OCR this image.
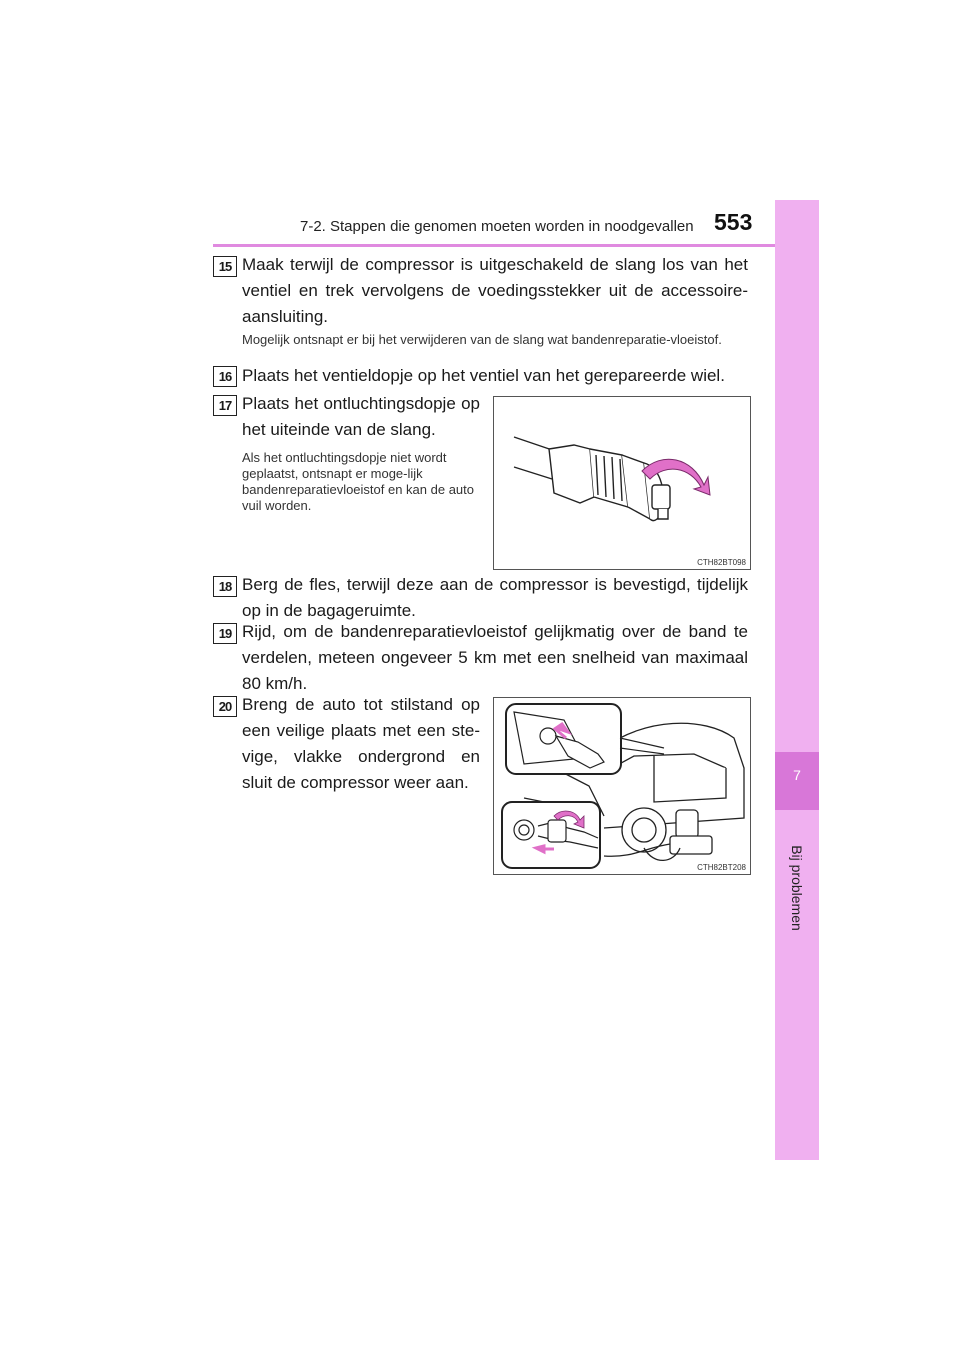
7-2. Stappen die genomen moeten worden in noodgevallen 553
7
Bij problemen
15 Maak terwijl de compressor is uitgeschakeld de slang los van het ventiel en trek vervolgens de voedingsstekker uit de accessoire-aansluiting.
Mogelijk ontsnapt er bij het verwijderen van de slang wat bandenreparatie-vloeistof.
16 Plaats het ventieldopje op het ventiel van het gerepareerde wiel.
17 Plaats het ontluchtingsdopje op het uiteinde van de slang.
Als het ontluchtingsdopje niet wordt geplaatst, ontsnapt er moge-lijk bandenreparatievloeistof en kan de auto vuil worden.
CTH82BT098
18 Berg de fles, terwijl deze aan de compressor is bevestigd, tijdelijk op in de bagageruimte.
19 Rijd, om de bandenreparatievloeistof gelijkmatig over de band te verdelen, meteen ongeveer 5 km met een snelheid van maximaal 80 km/h.
20 Breng de auto tot stilstand op een veilige plaats met een ste-vige, vlakke ondergrond en sluit de compressor weer aan.
CTH82BT208
